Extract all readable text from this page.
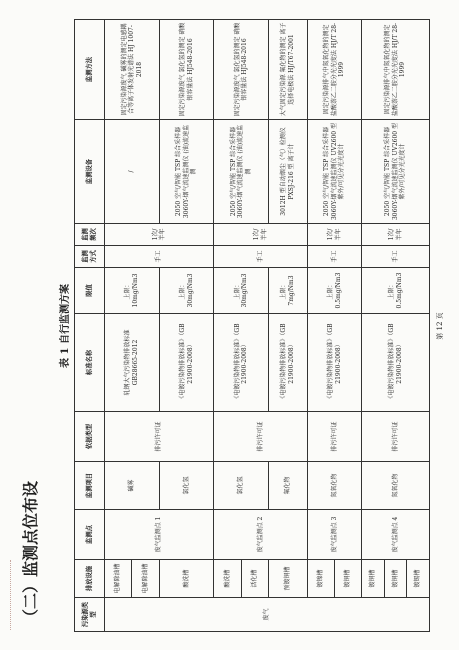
（二）监测点位布设
表 1 自行监测方案
污染源类型	排放设施	监测点	监测项目	依据类型	标准名称	限值	监测方式	监测频次	监测设备	监测方法
废气	电解除油槽	废气监测点 1	碱雾	排污许可证	轧钢大气污染物排放标准 GB28665-2012	上限：10mg/Nm3	手工	1次/半年	/	固定污染源废气 碱雾的测定电感耦合等离子体发射光谱法 HJ 1007-2018
	电解除油槽									
	酸洗槽		氯化氢		《电镀污染物排放标准》（GB 21900-2008）	上限：30mg/Nm3			2050 空气/智能 TSP 综合采样器 3060Y-烟气流速监测仪 (油)流速监测	固定污染源废气 氯化氢的测定 硝酸银容量法 HJ548-2016
	酸洗槽	废气监测点 2	氯化氢	排污许可证	《电镀污染物排放标准》（GB 21900-2008）	上限：30mg/Nm3	手工	1次/半年	2050 空气/智能 TSP 综合采样器 3060Y-烟气流速监测仪 (油)流速监测	固定污染源废气 氯化氢的测定 硝酸银容量法 HJ548-2016
	活化槽									
	预镀铜槽		氟化物		《电镀污染物排放标准》（GB 21900-2008）	上限：7mg/Nm3			3012H 型自动烟尘（气）检测仪 PXSJ-216 型 离子计	大气固定污染源 氟化物的测定 离子选择电极法 HJ/T67-2001
	镀镍槽	废气监测点 3	氮氧化物	排污许可证	《电镀污染物排放标准》（GB 21900-2008）	上限：0.5mg/Nm3	手工	1次/半年	2050 空气/智能 TSP 综合采样器 3060Y-烟气流速监测仪 UV2600 型 紫外/可见分光光度计	固定污染源排气中氮氧化物的测定 盐酸萘乙二胺分光光度法 HJ/T 28-1999
	镀铜槽									
	镀铜槽	废气监测点 4	氮氧化物	排污许可证	《电镀污染物排放标准》（GB 21900-2008）	上限：0.5mg/Nm3	手工	1次/半年	2050 空气/智能 TSP 综合采样器 3060Y-烟气流速监测仪 UV2600 型 紫外/可见分光光度计	固定污染源排气中氮氧化物的测定 盐酸萘乙二胺分光光度法 HJ/T 28-1999
	镀铜槽									
	镀锡槽									
第 12 页
